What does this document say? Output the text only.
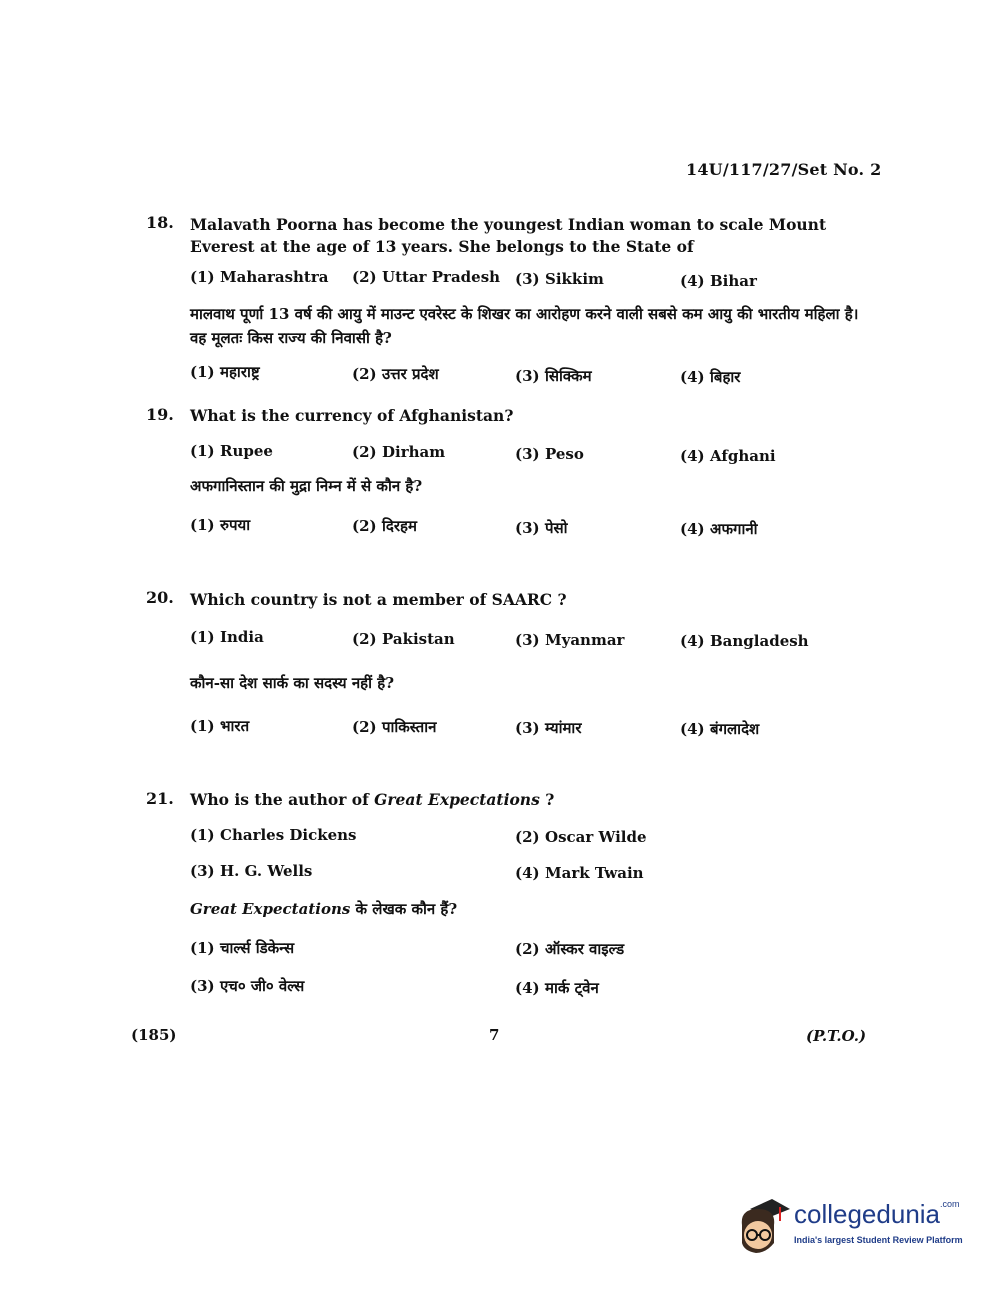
14U/117/27/Set No. 2
18. Malavath Poorna has become the youngest Indian woman to scale Mount Everest at the age of 13 years. She belongs to the State of
(1) Maharashtra (2) Uttar Pradesh (3) Sikkim	(4) Bihar
मालवाथ पूर्णा 13 वर्ष की आयु में माउन्ट एवरेस्ट के शिखर का आरोहण करने वाली सबसे कम आयु की भारतीय महिला है। वह मूलतः किस राज्य की निवासी है?
(1) महाराष्ट्र	(2) उत्तर प्रदेश	(3) सिक्किम	(4) बिहार
19. What is the currency of Afghanistan?
(1) Rupee	(2) Dirham	(3) Peso	(4) Afghani
अफगानिस्तान की मुद्रा निम्न में से कौन है?
(1) रुपया	(2) दिरहम	(3) पेसो	(4) अफगानी
20. Which country is not a member of SAARC ?
(1) India	(2) Pakistan	(3) Myanmar	(4) Bangladesh
कौन-सा देश सार्क का सदस्य नहीं है?
(1) भारत	(2) पाकिस्तान	(3) म्यांमार	(4) बंगलादेश
21. Who is the author of Great Expectations ?
(1) Charles Dickens	(2) Oscar Wilde
(3) H. G. Wells	(4) Mark Twain
Great Expectations के लेखक कौन हैं?
(1) चार्ल्स डिकेन्स	(2) ऑस्कर वाइल्ड
(3) एच० जी० वेल्स	(4) मार्क ट्वेन
(185)	7	(P.T.O.)
collegedunia$^{.com}$
India's largest Student Review Platform
